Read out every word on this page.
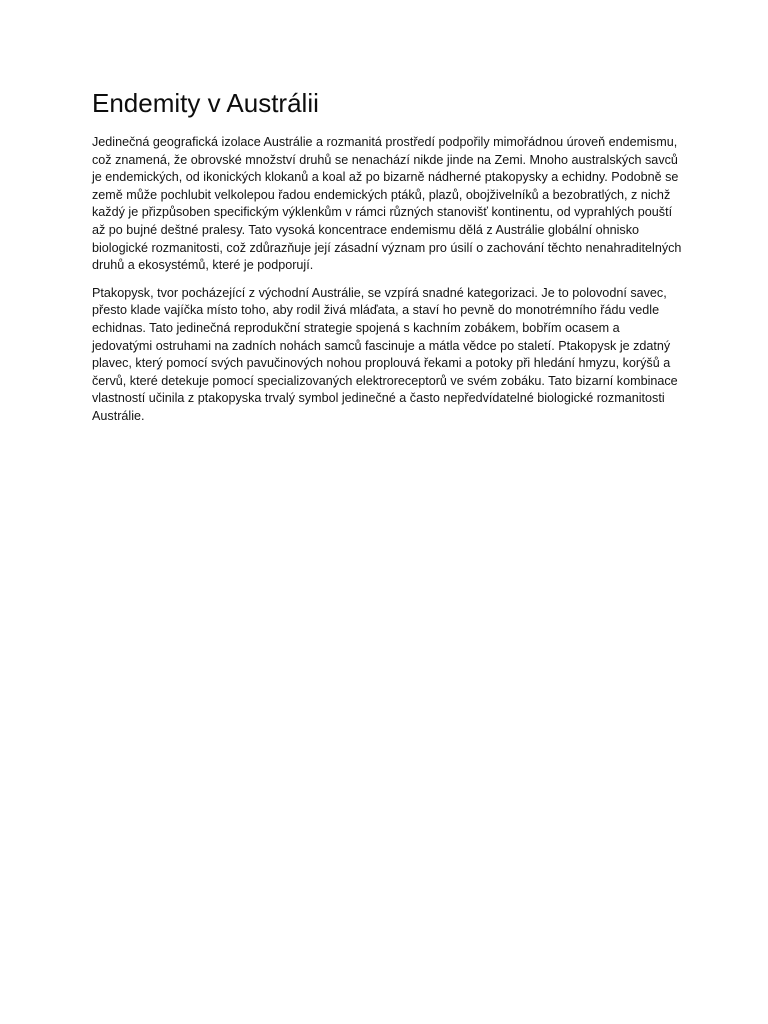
Endemity v Austrálii

Jedinečná geografická izolace Austrálie a rozmanitá prostředí podpořily mimořádnou úroveň endemismu, což znamená, že obrovské množství druhů se nenachází nikde jinde na Zemi. Mnoho australských savců je endemických, od ikonických klokanů a koal až po bizarně nádherné ptakopysky a echidny. Podobně se země může pochlubit velkolepou řadou endemických ptáků, plazů, obojživelníků a bezobratlých, z nichž každý je přizpůsoben specifickým výklenkům v rámci různých stanovišť kontinentu, od vyprahlých pouští až po bujné deštné pralesy. Tato vysoká koncentrace endemismu dělá z Austrálie globální ohnisko biologické rozmanitosti, což zdůrazňuje její zásadní význam pro úsilí o zachování těchto nenahraditelných druhů a ekosystémů, které je podporují.

Ptakopysk, tvor pocházející z východní Austrálie, se vzpírá snadné kategorizaci. Je to polovodní savec, přesto klade vajíčka místo toho, aby rodil živá mláďata, a staví ho pevně do monotrémního řádu vedle echidnas. Tato jedinečná reprodukční strategie spojená s kachním zobákem, bobřím ocasem a jedovatými ostruhami na zadních nohách samců fascinuje a mátla vědce po staletí. Ptakopysk je zdatný plavec, který pomocí svých pavučinových nohou proplouvá řekami a potoky při hledání hmyzu, korýšů a červů, které detekuje pomocí specializovaných elektroreceptorů ve svém zobáku. Tato bizarní kombinace vlastností učinila z ptakopyska trvalý symbol jedinečné a často nepředvídatelné biologické rozmanitosti Austrálie.
